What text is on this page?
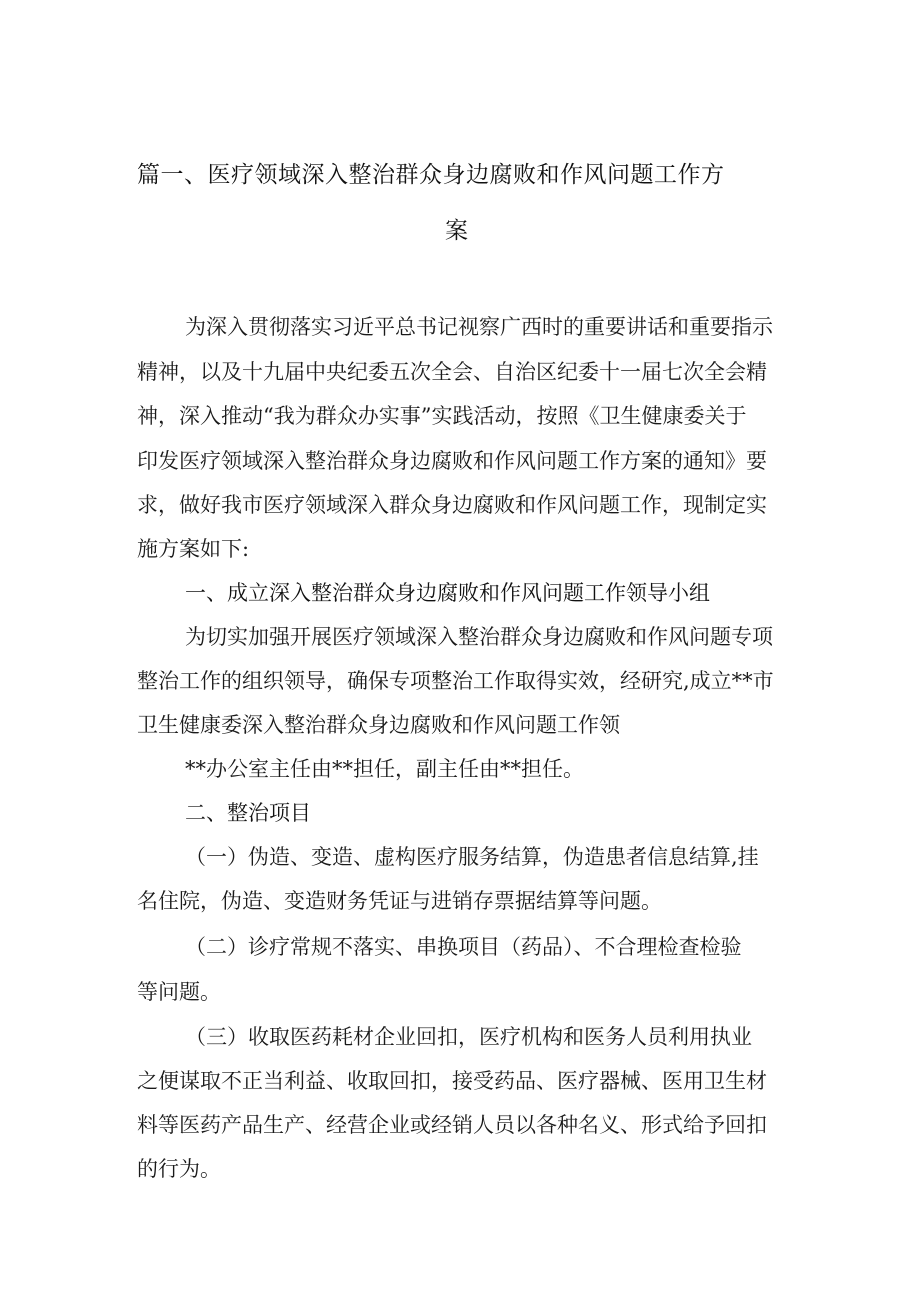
篇一、医疗领域深入整治群众身边腐败和作风问题工作方
案
为深入贯彻落实习近平总书记视察广西时的重要讲话和重要指示
精神，以及十九届中央纪委五次全会、自治区纪委十一届七次全会精
神，深入推动“我为群众办实事”实践活动，按照《卫生健康委关于
印发医疗领域深入整治群众身边腐败和作风问题工作方案的通知》要
求，做好我市医疗领域深入群众身边腐败和作风问题工作，现制定实
施方案如下:
一、成立深入整治群众身边腐败和作风问题工作领导小组
为切实加强开展医疗领域深入整治群众身边腐败和作风问题专项
整治工作的组织领导，确保专项整治工作取得实效，经研究,成立**市
卫生健康委深入整治群众身边腐败和作风问题工作领
**办公室主任由**担任，副主任由**担任。
二、整治项目
（一）伪造、变造、虚构医疗服务结算，伪造患者信息结算,挂
名住院，伪造、变造财务凭证与进销存票据结算等问题。
（二）诊疗常规不落实、串换项目（药品）、不合理检查检验
等问题。
（三）收取医药耗材企业回扣，医疗机构和医务人员利用执业
之便谋取不正当利益、收取回扣，接受药品、医疗器械、医用卫生材
料等医药产品生产、经营企业或经销人员以各种名义、形式给予回扣
的行为。
